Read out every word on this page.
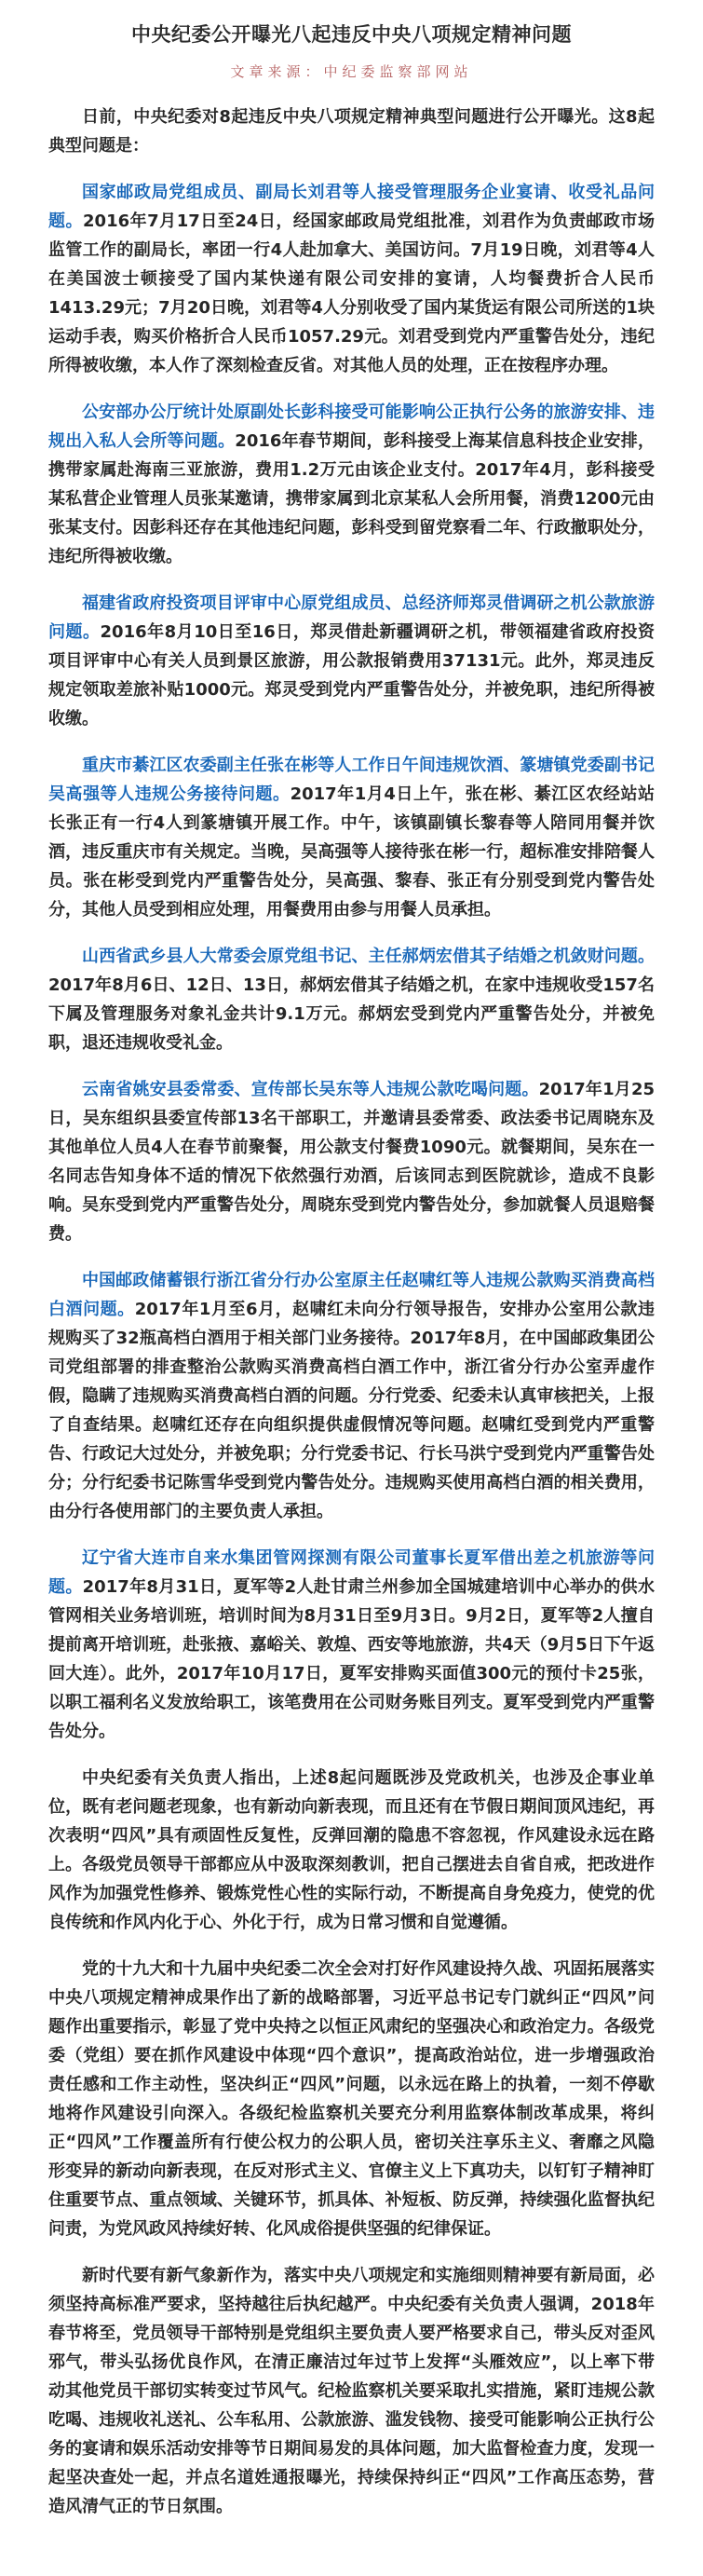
中央纪委公开曝光八起违反中央八项规定精神问题
文章来源：中纪委监察部网站

日前，中央纪委对8起违反中央八项规定精神典型问题进行公开曝光。这8起典型问题是：

国家邮政局党组成员、副局长刘君等人接受管理服务企业宴请、收受礼品问题。2016年7月17日至24日，经国家邮政局党组批准，刘君作为负责邮政市场监管工作的副局长，率团一行4人赴加拿大、美国访问。7月19日晚，刘君等4人在美国波士顿接受了国内某快递有限公司安排的宴请，人均餐费折合人民币1413.29元；7月20日晚，刘君等4人分别收受了国内某货运有限公司所送的1块运动手表，购买价格折合人民币1057.29元。刘君受到党内严重警告处分，违纪所得被收缴，本人作了深刻检查反省。对其他人员的处理，正在按程序办理。

公安部办公厅统计处原副处长彭科接受可能影响公正执行公务的旅游安排、违规出入私人会所等问题。2016年春节期间，彭科接受上海某信息科技企业安排，携带家属赴海南三亚旅游，费用1.2万元由该企业支付。2017年4月，彭科接受某私营企业管理人员张某邀请，携带家属到北京某私人会所用餐，消费1200元由张某支付。因彭科还存在其他违纪问题，彭科受到留党察看二年、行政撤职处分，违纪所得被收缴。

福建省政府投资项目评审中心原党组成员、总经济师郑灵借调研之机公款旅游问题。2016年8月10日至16日，郑灵借赴新疆调研之机，带领福建省政府投资项目评审中心有关人员到景区旅游，用公款报销费用37131元。此外，郑灵违反规定领取差旅补贴1000元。郑灵受到党内严重警告处分，并被免职，违纪所得被收缴。

重庆市綦江区农委副主任张在彬等人工作日午间违规饮酒、篆塘镇党委副书记吴高强等人违规公务接待问题。2017年1月4日上午，张在彬、綦江区农经站站长张正有一行4人到篆塘镇开展工作。中午，该镇副镇长黎春等人陪同用餐并饮酒，违反重庆市有关规定。当晚，吴高强等人接待张在彬一行，超标准安排陪餐人员。张在彬受到党内严重警告处分，吴高强、黎春、张正有分别受到党内警告处分，其他人员受到相应处理，用餐费用由参与用餐人员承担。

山西省武乡县人大常委会原党组书记、主任郝炳宏借其子结婚之机敛财问题。2017年8月6日、12日、13日，郝炳宏借其子结婚之机，在家中违规收受157名下属及管理服务对象礼金共计9.1万元。郝炳宏受到党内严重警告处分，并被免职，退还违规收受礼金。

云南省姚安县委常委、宣传部长吴东等人违规公款吃喝问题。2017年1月25日，吴东组织县委宣传部13名干部职工，并邀请县委常委、政法委书记周晓东及其他单位人员4人在春节前聚餐，用公款支付餐费1090元。就餐期间，吴东在一名同志告知身体不适的情况下依然强行劝酒，后该同志到医院就诊，造成不良影响。吴东受到党内严重警告处分，周晓东受到党内警告处分，参加就餐人员退赔餐费。

中国邮政储蓄银行浙江省分行办公室原主任赵啸红等人违规公款购买消费高档白酒问题。2017年1月至6月，赵啸红未向分行领导报告，安排办公室用公款违规购买了32瓶高档白酒用于相关部门业务接待。2017年8月，在中国邮政集团公司党组部署的排查整治公款购买消费高档白酒工作中，浙江省分行办公室弄虚作假，隐瞒了违规购买消费高档白酒的问题。分行党委、纪委未认真审核把关，上报了自查结果。赵啸红还存在向组织提供虚假情况等问题。赵啸红受到党内严重警告、行政记大过处分，并被免职；分行党委书记、行长马洪宁受到党内严重警告处分；分行纪委书记陈雪华受到党内警告处分。违规购买使用高档白酒的相关费用，由分行各使用部门的主要负责人承担。

辽宁省大连市自来水集团管网探测有限公司董事长夏军借出差之机旅游等问题。2017年8月31日，夏军等2人赴甘肃兰州参加全国城建培训中心举办的供水管网相关业务培训班，培训时间为8月31日至9月3日。9月2日，夏军等2人擅自提前离开培训班，赴张掖、嘉峪关、敦煌、西安等地旅游，共4天（9月5日下午返回大连）。此外，2017年10月17日，夏军安排购买面值300元的预付卡25张，以职工福利名义发放给职工，该笔费用在公司财务账目列支。夏军受到党内严重警告处分。

中央纪委有关负责人指出，上述8起问题既涉及党政机关，也涉及企事业单位，既有老问题老现象，也有新动向新表现，而且还有在节假日期间顶风违纪，再次表明“四风”具有顽固性反复性，反弹回潮的隐患不容忽视，作风建设永远在路上。各级党员领导干部都应从中汲取深刻教训，把自己摆进去自省自戒，把改进作风作为加强党性修养、锻炼党性心性的实际行动，不断提高自身免疫力，使党的优良传统和作风内化于心、外化于行，成为日常习惯和自觉遵循。

党的十九大和十九届中央纪委二次全会对打好作风建设持久战、巩固拓展落实中央八项规定精神成果作出了新的战略部署，习近平总书记专门就纠正“四风”问题作出重要指示，彰显了党中央持之以恒正风肃纪的坚强决心和政治定力。各级党委（党组）要在抓作风建设中体现“四个意识”，提高政治站位，进一步增强政治责任感和工作主动性，坚决纠正“四风”问题，以永远在路上的执着，一刻不停歇地将作风建设引向深入。各级纪检监察机关要充分利用监察体制改革成果，将纠正“四风”工作覆盖所有行使公权力的公职人员，密切关注享乐主义、奢靡之风隐形变异的新动向新表现，在反对形式主义、官僚主义上下真功夫，以钉钉子精神盯住重要节点、重点领域、关键环节，抓具体、补短板、防反弹，持续强化监督执纪问责，为党风政风持续好转、化风成俗提供坚强的纪律保证。

新时代要有新气象新作为，落实中央八项规定和实施细则精神要有新局面，必须坚持高标准严要求，坚持越往后执纪越严。中央纪委有关负责人强调，2018年春节将至，党员领导干部特别是党组织主要负责人要严格要求自己，带头反对歪风邪气，带头弘扬优良作风，在清正廉洁过年过节上发挥“头雁效应”，以上率下带动其他党员干部切实转变过节风气。纪检监察机关要采取扎实措施，紧盯违规公款吃喝、违规收礼送礼、公车私用、公款旅游、滥发钱物、接受可能影响公正执行公务的宴请和娱乐活动安排等节日期间易发的具体问题，加大监督检查力度，发现一起坚决查处一起，并点名道姓通报曝光，持续保持纠正“四风”工作高压态势，营造风清气正的节日氛围。
